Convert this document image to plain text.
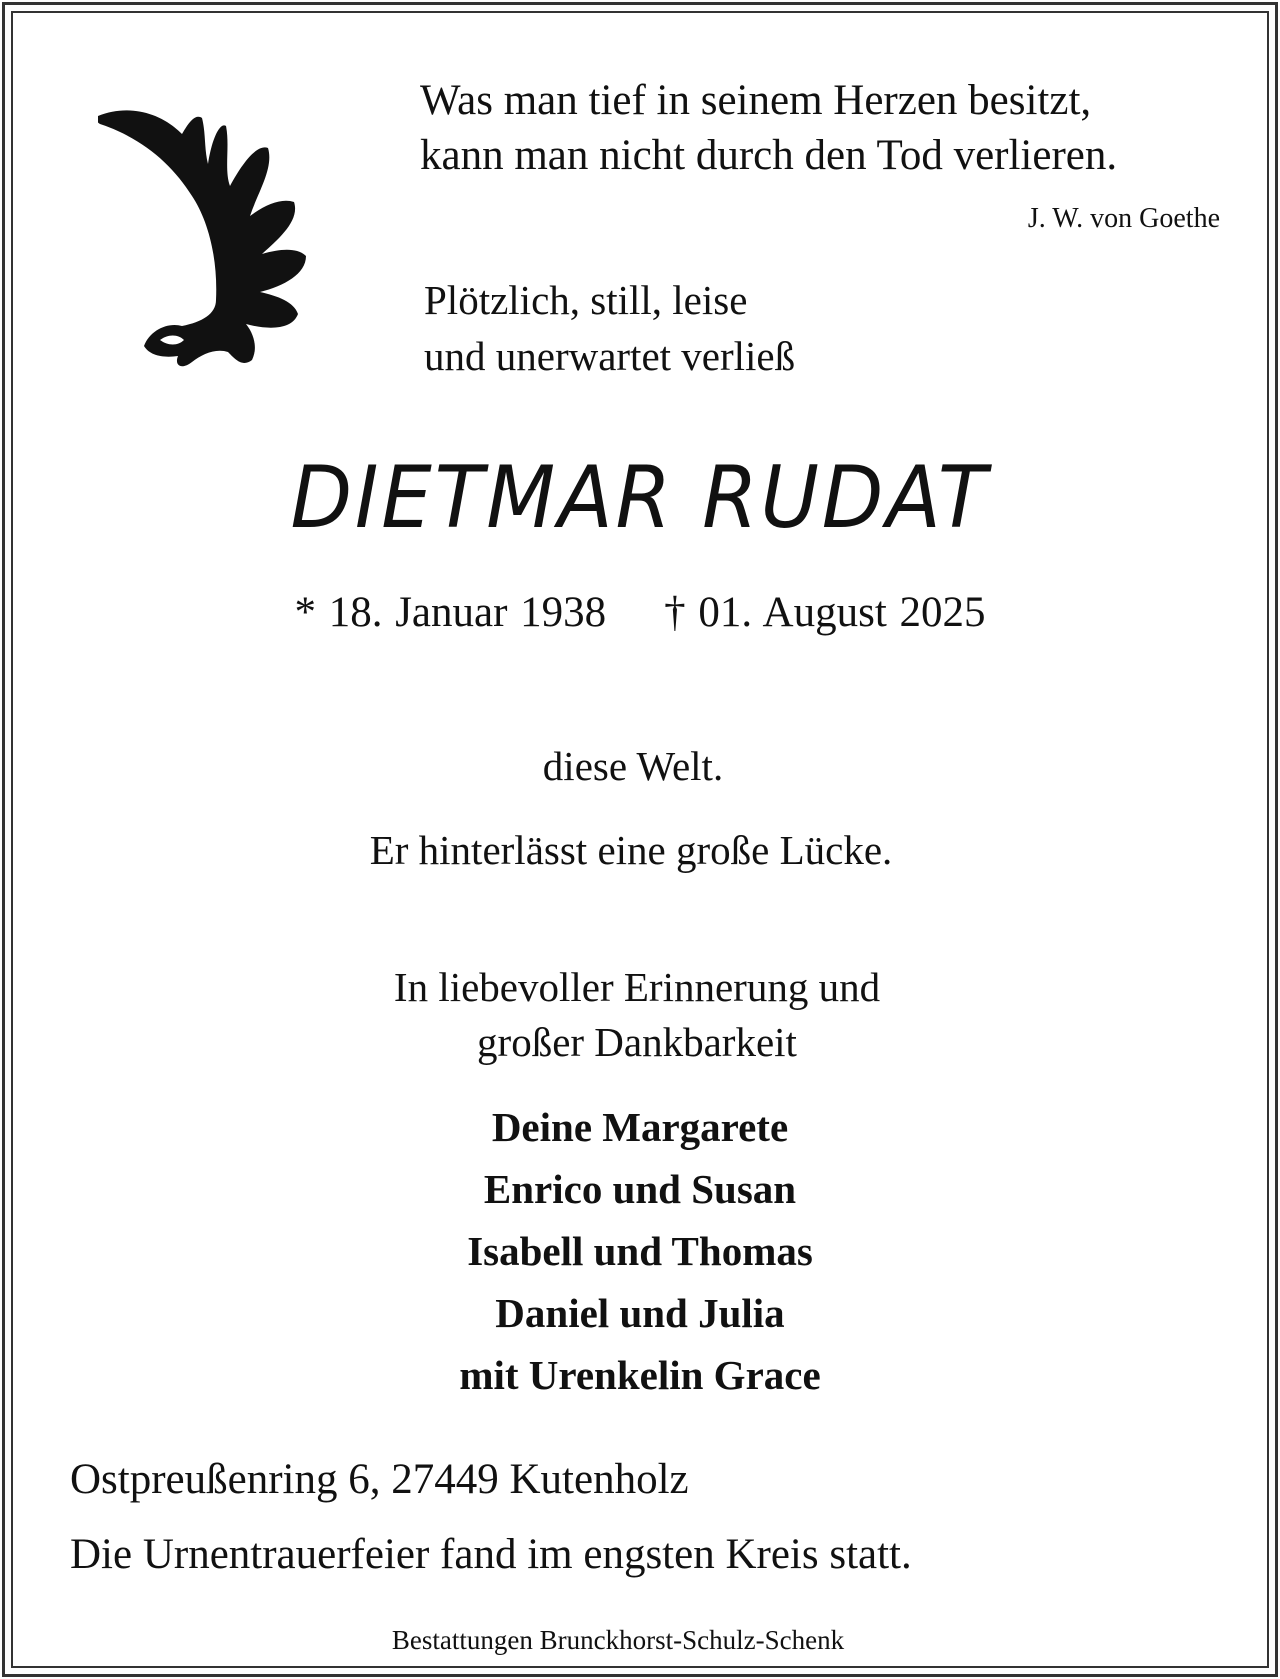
Was man tief in seinem Herzen besitzt,

kann man nicht durch den Tod verlieren.

J. W. von Goethe

Plötzlich, still, leise

und unerwartet verließ

DIETMAR RUDAT

* 18. Januar 1938 † 01. August 2025

diese Welt.

Er hinterlässt eine große Lücke.

In liebevoller Erinnerung und

großer Dankbarkeit

Deine Margarete
Enrico und Susan
Isabell und Thomas
Daniel und Julia
mit Urenkelin Grace

Ostpreußenring 6, 27449 Kutenholz

Die Urnentrauerfeier fand im engsten Kreis statt.

Bestattungen Brunckhorst-Schulz-Schenk
